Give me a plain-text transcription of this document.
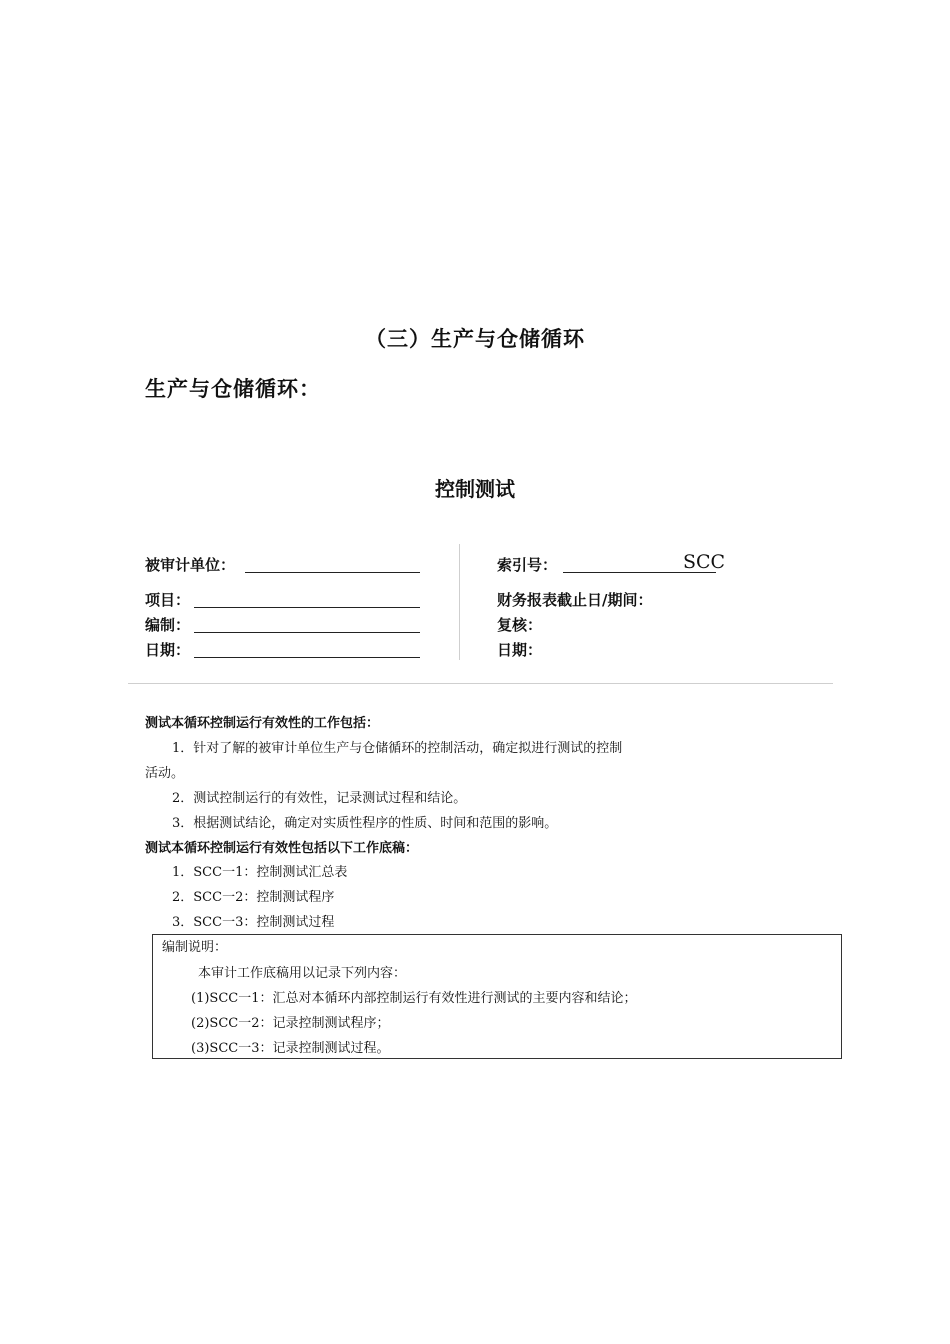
（三）生产与仓储循环
生产与仓储循环：
控制测试
被审计单位：
项目：
编制：
日期：
索引号：	SCC
财务报表截止日/期间：
复核：
日期：
测试本循环控制运行有效性的工作包括：
1．针对了解的被审计单位生产与仓储循环的控制活动，确定拟进行测试的控制
活动。
2．测试控制运行的有效性，记录测试过程和结论。
3．根据测试结论，确定对实质性程序的性质、时间和范围的影响。
测试本循环控制运行有效性包括以下工作底稿：
1．SCC一1：控制测试汇总表
2．SCC一2：控制测试程序
3．SCC一3：控制测试过程
编制说明：
本审计工作底稿用以记录下列内容：
(1)SCC一1：汇总对本循环内部控制运行有效性进行测试的主要内容和结论；
(2)SCC一2：记录控制测试程序；
(3)SCC一3：记录控制测试过程。
